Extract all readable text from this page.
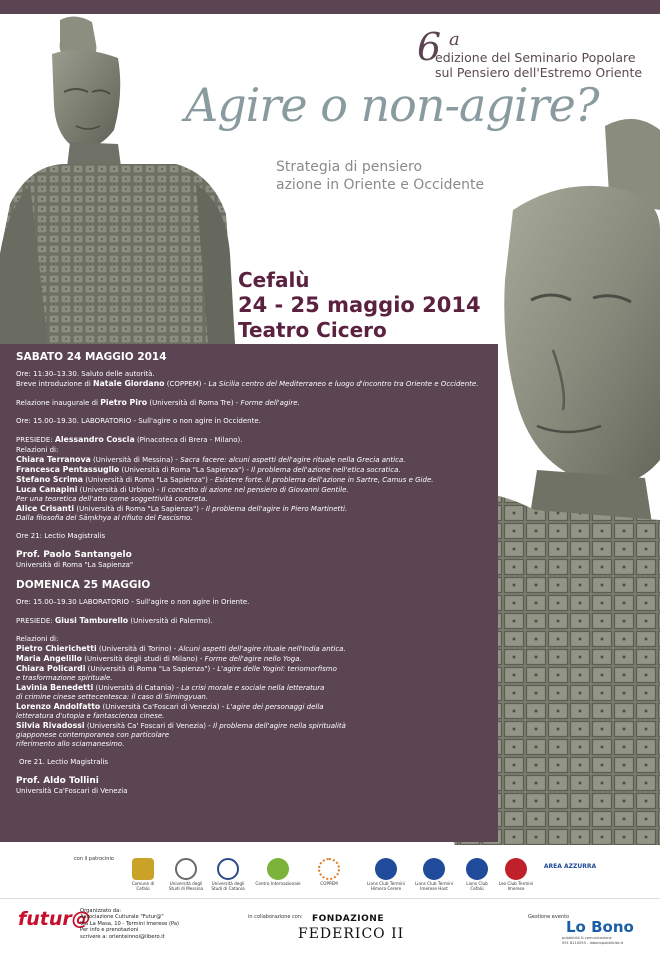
6 a
edizione del Seminario Popolare
sul Pensiero dell'Estremo Oriente
Agire o non-agire?
Strategia di pensiero
azione in Oriente e Occidente
Cefalù
24 - 25 maggio 2014
Teatro Cicero
SABATO 24 MAGGIO 2014
Ore: 11:30–13.30. Saluto delle autorità.
Breve introduzione di Natale Giordano (COPPEM) - La Sicilia centro del Mediterraneo e luogo d'incontro tra Oriente e Occidente.
Relazione inaugurale di Pietro Piro (Università di Roma Tre) - Forme dell'agire.
Ore: 15.00–19.30. LABORATORIO - Sull'agire o non agire in Occidente.
PRESIEDE: Alessandro Coscia (Pinacoteca di Brera - Milano).
Relazioni di:
Chiara Terranova (Università di Messina) - Sacra facere: alcuni aspetti dell'agire rituale nella Grecia antica.
Francesca Pentassuglio (Università di Roma "La Sapienza") - Il problema dell'azione nell'etica socratica.
Stefano Scrima (Università di Roma "La Sapienza") - Esistere forte. Il problema dell'azione in Sartre, Camus e Gide.
Luca Canapini (Università di Urbino) - Il concetto di azione nel pensiero di Giovanni Gentile.
Per una teoretica dell'atto come soggettività concreta.
Alice Crisanti (Università di Roma "La Sapienza") - Il problema dell'agire in Piero Martinetti.
Dalla filosofia del Sāṃkhya al rifiuto del Fascismo.
Ore 21: Lectio Magistralis
Prof. Paolo Santangelo
Università di Roma "La Sapienza"
DOMENICA 25 MAGGIO
Ore: 15.00–19.30 LABORATORIO - Sull'agire o non agire in Oriente.
PRESIEDE: Giusi Tamburello (Università di Palermo).
Relazioni di:
Pietro Chierichetti (Università di Torino) - Alcuni aspetti dell'agire rituale nell'India antica.
Maria Angelillo (Università degli studi di Milano) - Forme dell'agire nello Yoga.
Chiara Policardi (Università di Roma "La Sapienza") - L'agire delle Yoginī: teriomorfismo
e trasformazione spirituale.
Lavinia Benedetti (Università di Catania) - La crisi morale e sociale nella letteratura
di crimine cinese settecentesca: il caso di Simingyuan.
Lorenzo Andolfatto (Università Ca'Foscari di Venezia) - L'agire dei personaggi della
letteratura d'utopia e fantascienza cinese.
Silvia Rivadossi (Università Ca' Foscari di Venezia) - Il problema dell'agire nella spiritualità
giapponese contemporanea con particolare
riferimento allo sciamanesimo.
Ore 21. Lectio Magistralis
Prof. Aldo Tollini
Università Ca'Foscari di Venezia
con il patrocinio
Comune di Cefalù
Università degli Studi di Messina
Università degli Studi di Catania
Centro Internazionale	COPPEM	Lions Club Termini Himera Cerere
Lions Club Termini Imerese Host
Lions Club Cefalù
Leo Club Termini Imerese
AREA AZZURRA
futur@
Organizzato da:
Associazione Culturale "Futur@"
Via La Masa, 10 - Termini Imerese (Pa)
Per info e prenotazioni
scrivere a: orienteinnoi@libero.it
in collaborazione con: FONDAZIONE
FEDERICO II
Gestione evento
Lo Bono
pubblicità & comunicazione
091 8110055 - lobonopubblicita.it
